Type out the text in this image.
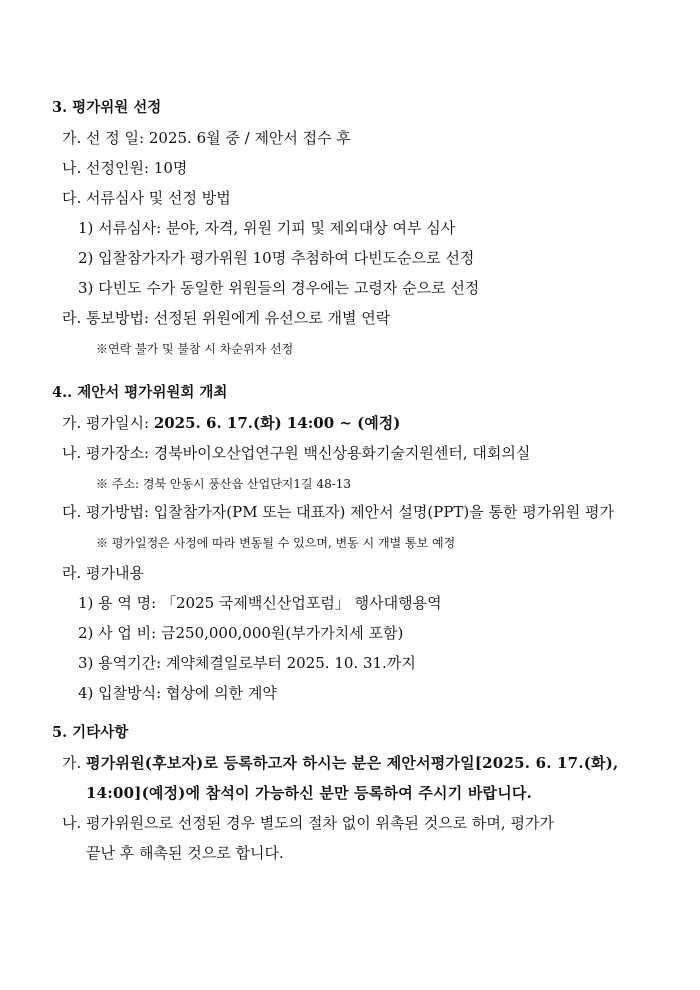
3. 평가위원 선정
가. 선 정 일: 2025. 6월 중 / 제안서 접수 후
나. 선정인원: 10명
다. 서류심사 및 선정 방법
1) 서류심사: 분야, 자격, 위원 기피 및 제외대상 여부 심사
2) 입찰참가자가 평가위원 10명 추첨하여 다빈도순으로 선정
3) 다빈도 수가 동일한 위원들의 경우에는 고령자 순으로 선정
라. 통보방법: 선정된 위원에게 유선으로 개별 연락
※연락 불가 및 불참 시 차순위자 선정
4.. 제안서 평가위원회 개최
가. 평가일시: 2025. 6. 17.(화) 14:00 ~ (예정)
나. 평가장소: 경북바이오산업연구원 백신상용화기술지원센터, 대회의실
※ 주소: 경북 안동시 풍산읍 산업단지1길 48-13
다. 평가방법: 입찰참가자(PM 또는 대표자) 제안서 설명(PPT)을 통한 평가위원 평가
※ 평가일정은 사정에 따라 변동될 수 있으며, 변동 시 개별 통보 예정
라. 평가내용
1) 용 역 명: 「2025 국제백신산업포럼」 행사대행용역
2) 사 업 비: 금250,000,000원(부가가치세 포함)
3) 용역기간: 계약체결일로부터 2025. 10. 31.까지
4) 입찰방식: 협상에 의한 계약
5. 기타사항
가. 평가위원(후보자)로 등록하고자 하시는 분은 제안서평가일[2025. 6. 17.(화),
14:00](예정)에 참석이 가능하신 분만 등록하여 주시기 바랍니다.
나. 평가위원으로 선정된 경우 별도의 절차 없이 위촉된 것으로 하며, 평가가
끝난 후 해촉된 것으로 합니다.
